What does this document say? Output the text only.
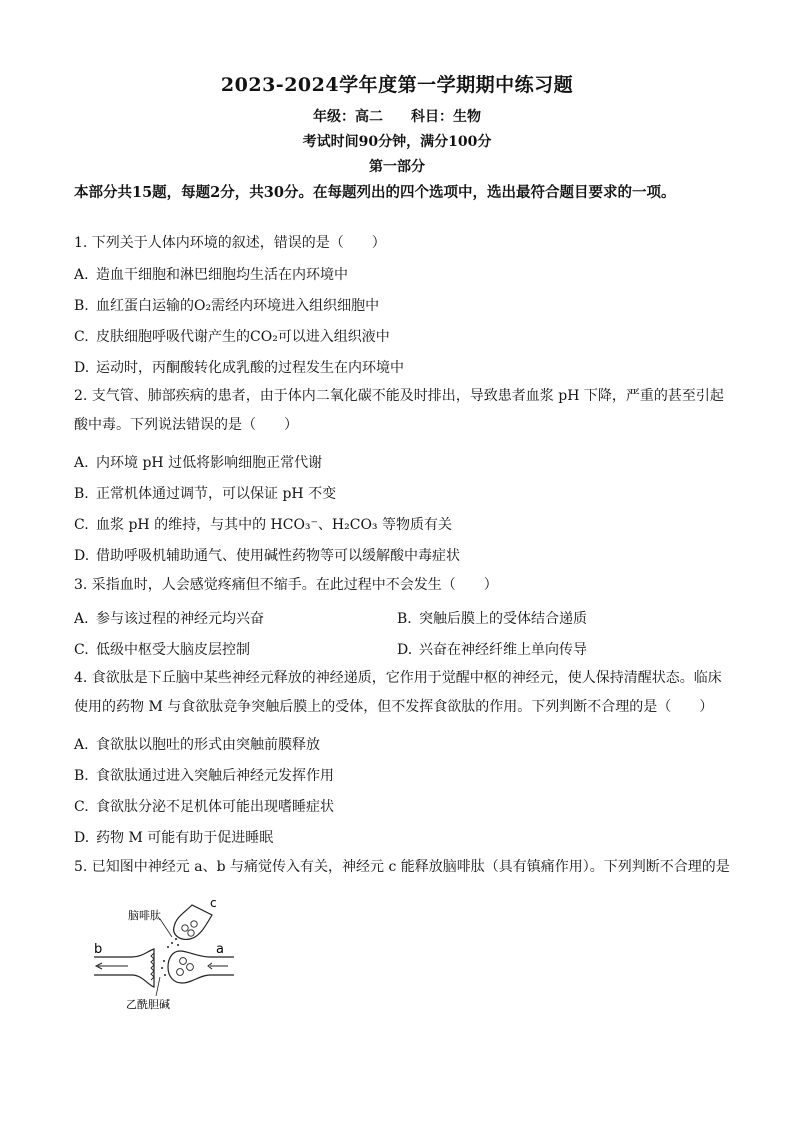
2023-2024学年度第一学期期中练习题
年级：高二 科目：生物
考试时间90分钟，满分100分
第一部分
本部分共15题，每题2分，共30分。在每题列出的四个选项中，选出最符合题目要求的一项。
1. 下列关于人体内环境的叙述，错误的是（　　）
A. 造血干细胞和淋巴细胞均生活在内环境中
B. 血红蛋白运输的O₂需经内环境进入组织细胞中
C. 皮肤细胞呼吸代谢产生的CO₂可以进入组织液中
D. 运动时，丙酮酸转化成乳酸的过程发生在内环境中
2. 支气管、肺部疾病的患者，由于体内二氧化碳不能及时排出，导致患者血浆 pH 下降，严重的甚至引起酸中毒。下列说法错误的是（　　）
A. 内环境 pH 过低将影响细胞正常代谢
B. 正常机体通过调节，可以保证 pH 不变
C. 血浆 pH 的维持，与其中的 HCO₃⁻、H₂CO₃ 等物质有关
D. 借助呼吸机辅助通气、使用碱性药物等可以缓解酸中毒症状
3. 采指血时，人会感觉疼痛但不缩手。在此过程中不会发生（　　）
A. 参与该过程的神经元均兴奋	B. 突触后膜上的受体结合递质
C. 低级中枢受大脑皮层控制	D. 兴奋在神经纤维上单向传导
4. 食欲肽是下丘脑中某些神经元释放的神经递质，它作用于觉醒中枢的神经元，使人保持清醒状态。临床使用的药物 M 与食欲肽竞争突触后膜上的受体，但不发挥食欲肽的作用。下列判断不合理的是（　　）
A. 食欲肽以胞吐的形式由突触前膜释放
B. 食欲肽通过进入突触后神经元发挥作用
C. 食欲肽分泌不足机体可能出现嗜睡症状
D. 药物 M 可能有助于促进睡眠
5. 已知图中神经元 a、b 与痛觉传入有关，神经元 c 能释放脑啡肽（具有镇痛作用）。下列判断不合理的是
脑啡肽
c
b	a
乙酰胆碱
